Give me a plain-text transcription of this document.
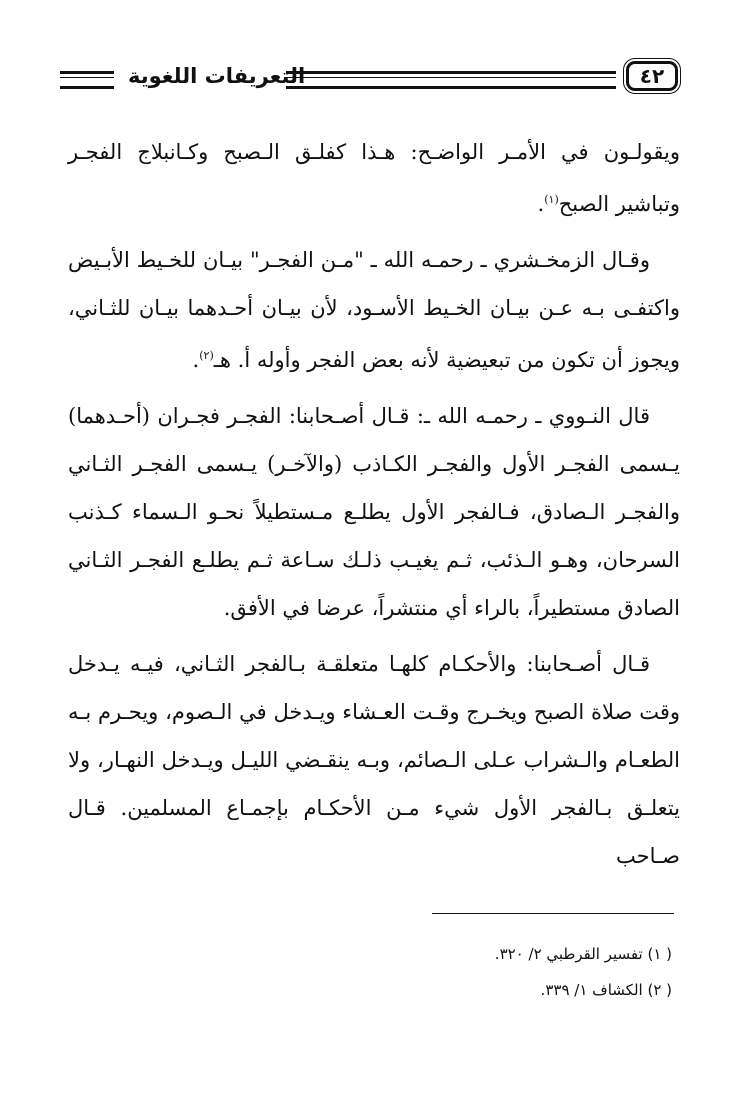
التعريفات اللغوية	٤٢

ويقولـون في الأمـر الواضـح: هـذا كفلـق الـصبح وكـانبلاج الفجـر وتباشير الصبح$^{(١)}$.

وقـال الزمخـشري ـ رحمـه الله ـ "مـن الفجـر" بيـان للخـيط الأبـيض واكتفـى بـه عـن بيـان الخـيط الأسـود، لأن بيـان أحـدهما بيـان للثـاني، ويجوز أن تكون من تبعيضية لأنه بعض الفجر وأوله أ. هـ$^{(٢)}$.

قال النـووي ـ رحمـه الله ـ: قـال أصـحابنا: الفجـر فجـران (أحـدهما) يـسمى الفجـر الأول والفجـر الكـاذب (والآخـر) يـسمى الفجـر الثـاني والفجـر الـصادق، فـالفجر الأول يطلـع مـستطيلاً نحـو الـسماء كـذنب السرحان، وهـو الـذئب، ثـم يغيـب ذلـك سـاعة ثـم يطلـع الفجـر الثـاني الصادق مستطيراً، بالراء أي منتشراً، عرضا في الأفق.

قـال أصـحابنا: والأحكـام كلهـا متعلقـة بـالفجر الثـاني، فيـه يـدخل وقت صلاة الصبح ويخـرج وقـت العـشاء ويـدخل في الـصوم، ويحـرم بـه الطعـام والـشراب عـلى الـصائم، وبـه ينقـضي الليـل ويـدخل النهـار، ولا يتعلـق بـالفجر الأول شيء مـن الأحكـام بإجمـاع المسلمين. قـال صـاحب

( ١) تفسير القرطبي ٢/ ٣٢٠.
( ٢) الكشاف ١/ ٣٣٩.
